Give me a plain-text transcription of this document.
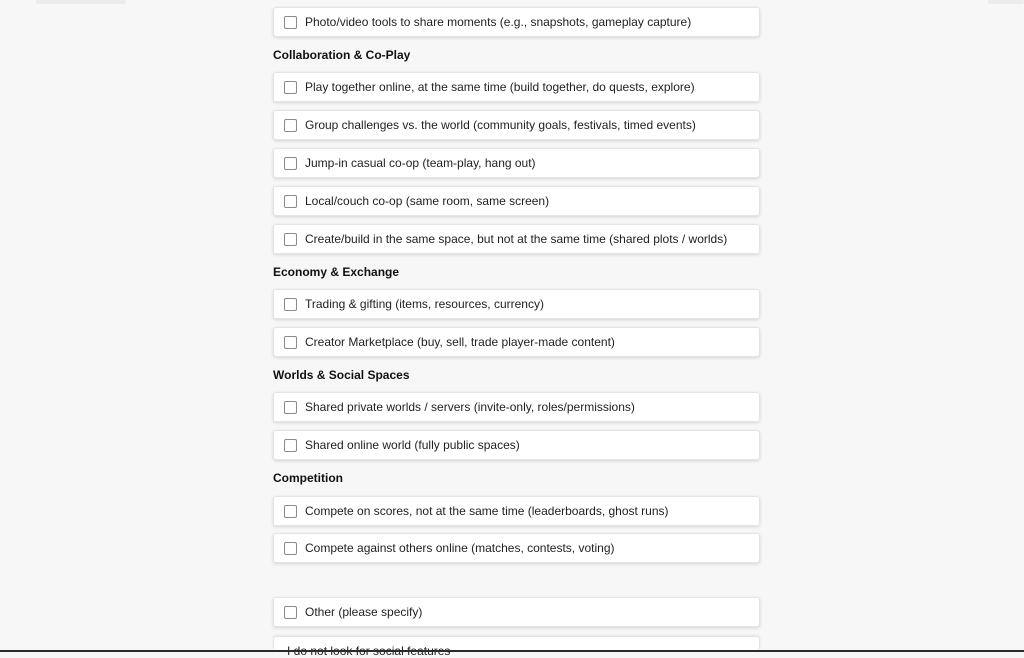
Photo/video tools to share moments (e.g., snapshots, gameplay capture)
Collaboration & Co-Play
Play together online, at the same time (build together, do quests, explore)
Group challenges vs. the world (community goals, festivals, timed events)
Jump-in casual co-op (team-play, hang out)
Local/couch co-op (same room, same screen)
Create/build in the same space, but not at the same time (shared plots / worlds)
Economy & Exchange
Trading & gifting (items, resources, currency)
Creator Marketplace (buy, sell, trade player-made content)
Worlds & Social Spaces
Shared private worlds / servers (invite-only, roles/permissions)
Shared online world (fully public spaces)
Competition
Compete on scores, not at the same time (leaderboards, ghost runs)
Compete against others online (matches, contests, voting)
Other (please specify)
